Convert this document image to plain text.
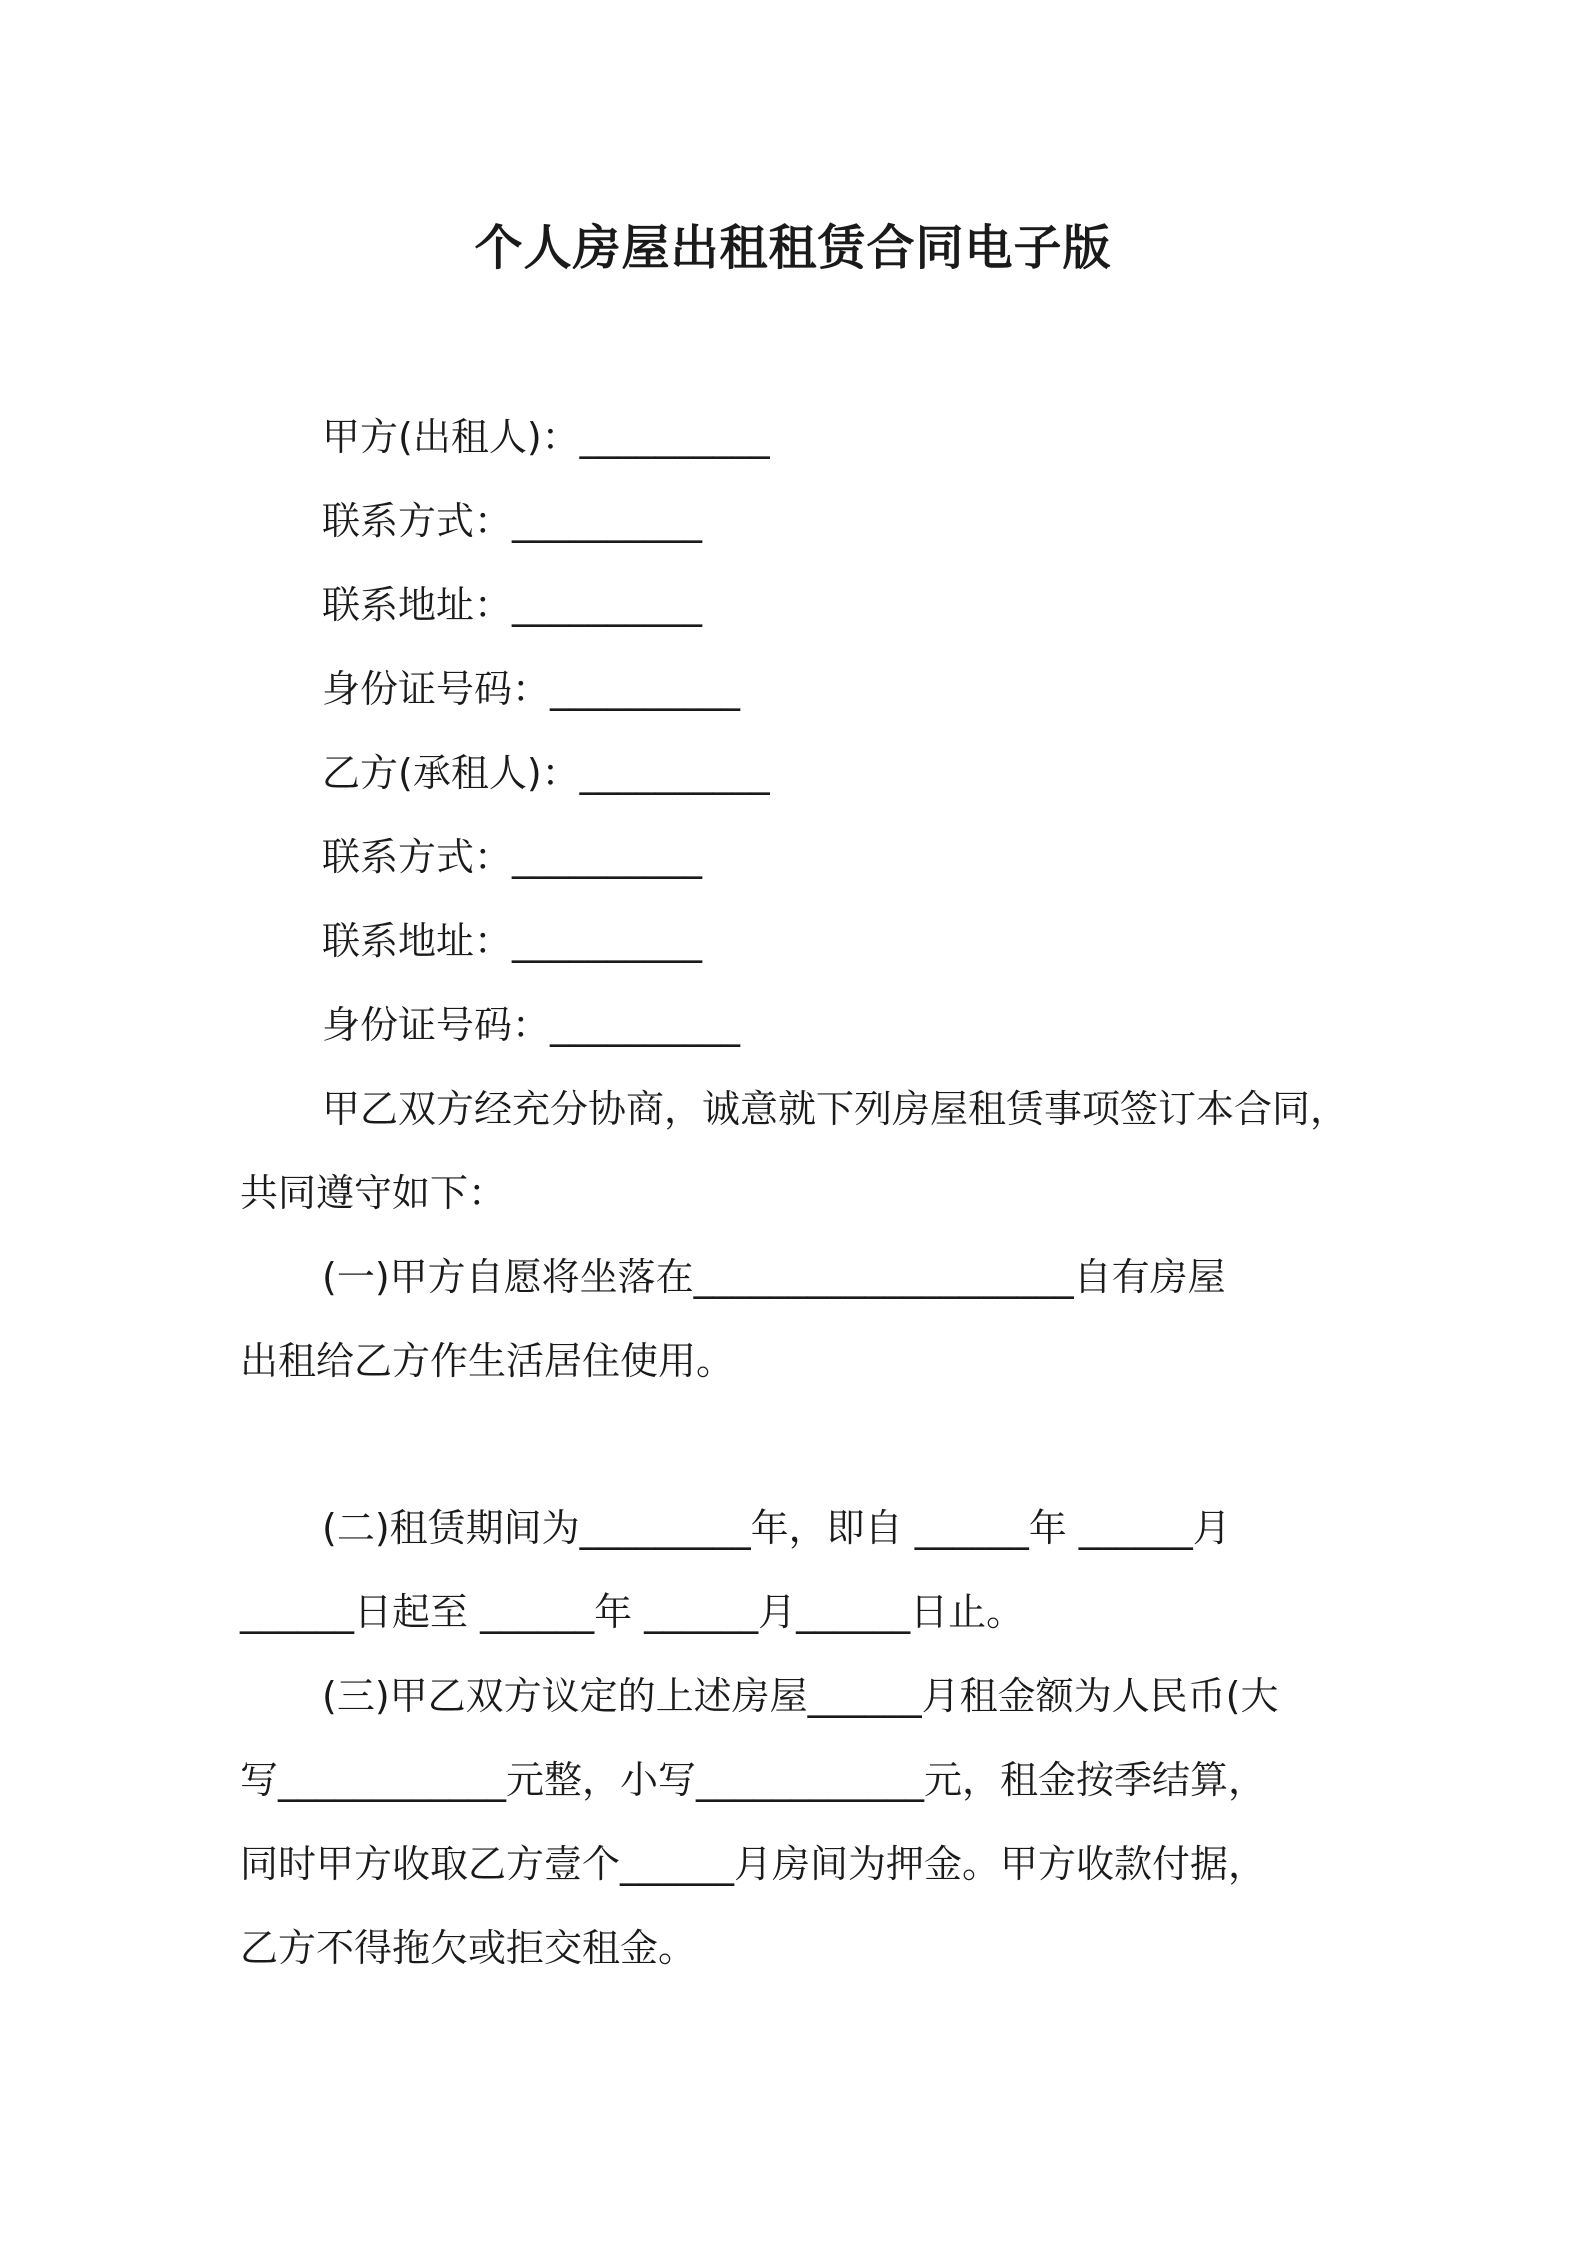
个人房屋出租租赁合同电子版

甲方(出租人)：__________

联系方式：__________

联系地址：__________

身份证号码：__________

乙方(承租人)：__________

联系方式：__________

联系地址：__________

身份证号码：__________

甲乙双方经充分协商，诚意就下列房屋租赁事项签订本合同，

共同遵守如下：

(一)甲方自愿将坐落在____________________自有房屋

出租给乙方作生活居住使用。

(二)租赁期间为_________年，即自 ______年 ______月

______日起至 ______年 ______月______日止。

(三)甲乙双方议定的上述房屋______月租金额为人民币(大

写____________元整，小写____________元，租金按季结算，

同时甲方收取乙方壹个______月房间为押金。甲方收款付据，

乙方不得拖欠或拒交租金。
